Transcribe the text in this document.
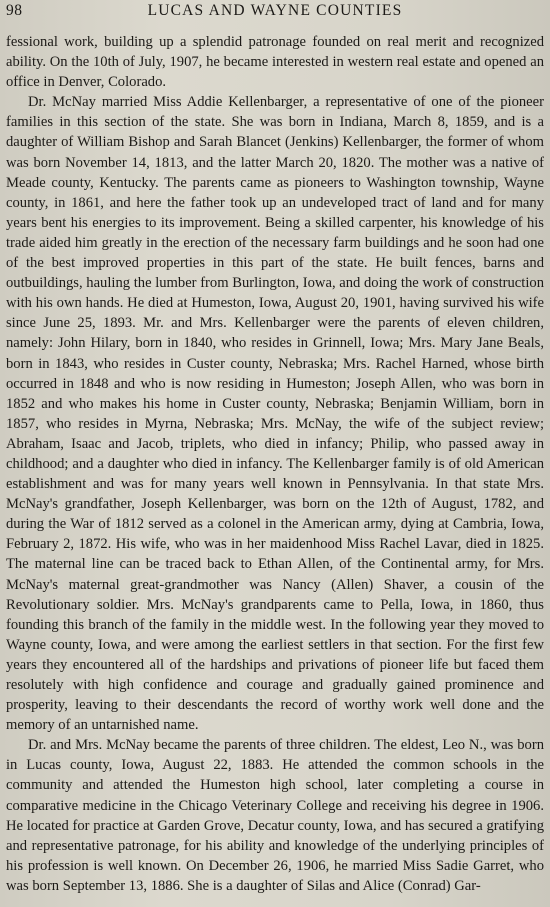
98	LUCAS AND WAYNE COUNTIES

fessional work, building up a splendid patronage founded on real merit and recognized ability. On the 10th of July, 1907, he became interested in western real estate and opened an office in Denver, Colorado.

Dr. McNay married Miss Addie Kellenbarger, a representative of one of the pioneer families in this section of the state. She was born in Indiana, March 8, 1859, and is a daughter of William Bishop and Sarah Blancet (Jenkins) Kellenbarger, the former of whom was born November 14, 1813, and the latter March 20, 1820. The mother was a native of Meade county, Kentucky. The parents came as pioneers to Washington township, Wayne county, in 1861, and here the father took up an undeveloped tract of land and for many years bent his energies to its improvement. Being a skilled carpenter, his knowledge of his trade aided him greatly in the erection of the necessary farm buildings and he soon had one of the best improved properties in this part of the state. He built fences, barns and outbuildings, hauling the lumber from Burlington, Iowa, and doing the work of construction with his own hands. He died at Humeston, Iowa, August 20, 1901, having survived his wife since June 25, 1893. Mr. and Mrs. Kellenbarger were the parents of eleven children, namely: John Hilary, born in 1840, who resides in Grinnell, Iowa; Mrs. Mary Jane Beals, born in 1843, who resides in Custer county, Nebraska; Mrs. Rachel Harned, whose birth occurred in 1848 and who is now residing in Humeston; Joseph Allen, who was born in 1852 and who makes his home in Custer county, Nebraska; Benjamin William, born in 1857, who resides in Myrna, Nebraska; Mrs. McNay, the wife of the subject review; Abraham, Isaac and Jacob, triplets, who died in infancy; Philip, who passed away in childhood; and a daughter who died in infancy. The Kellenbarger family is of old American establishment and was for many years well known in Pennsylvania. In that state Mrs. McNay's grandfather, Joseph Kellenbarger, was born on the 12th of August, 1782, and during the War of 1812 served as a colonel in the American army, dying at Cambria, Iowa, February 2, 1872. His wife, who was in her maidenhood Miss Rachel Lavar, died in 1825. The maternal line can be traced back to Ethan Allen, of the Continental army, for Mrs. McNay's maternal great-grandmother was Nancy (Allen) Shaver, a cousin of the Revolutionary soldier. Mrs. McNay's grandparents came to Pella, Iowa, in 1860, thus founding this branch of the family in the middle west. In the following year they moved to Wayne county, Iowa, and were among the earliest settlers in that section. For the first few years they encountered all of the hardships and privations of pioneer life but faced them resolutely with high confidence and courage and gradually gained prominence and prosperity, leaving to their descendants the record of worthy work well done and the memory of an untarnished name.

Dr. and Mrs. McNay became the parents of three children. The eldest, Leo N., was born in Lucas county, Iowa, August 22, 1883. He attended the common schools in the community and attended the Humeston high school, later completing a course in comparative medicine in the Chicago Veterinary College and receiving his degree in 1906. He located for practice at Garden Grove, Decatur county, Iowa, and has secured a gratifying and representative patronage, for his ability and knowledge of the underlying principles of his profession is well known. On December 26, 1906, he married Miss Sadie Garret, who was born September 13, 1886. She is a daughter of Silas and Alice (Conrad) Gar-
